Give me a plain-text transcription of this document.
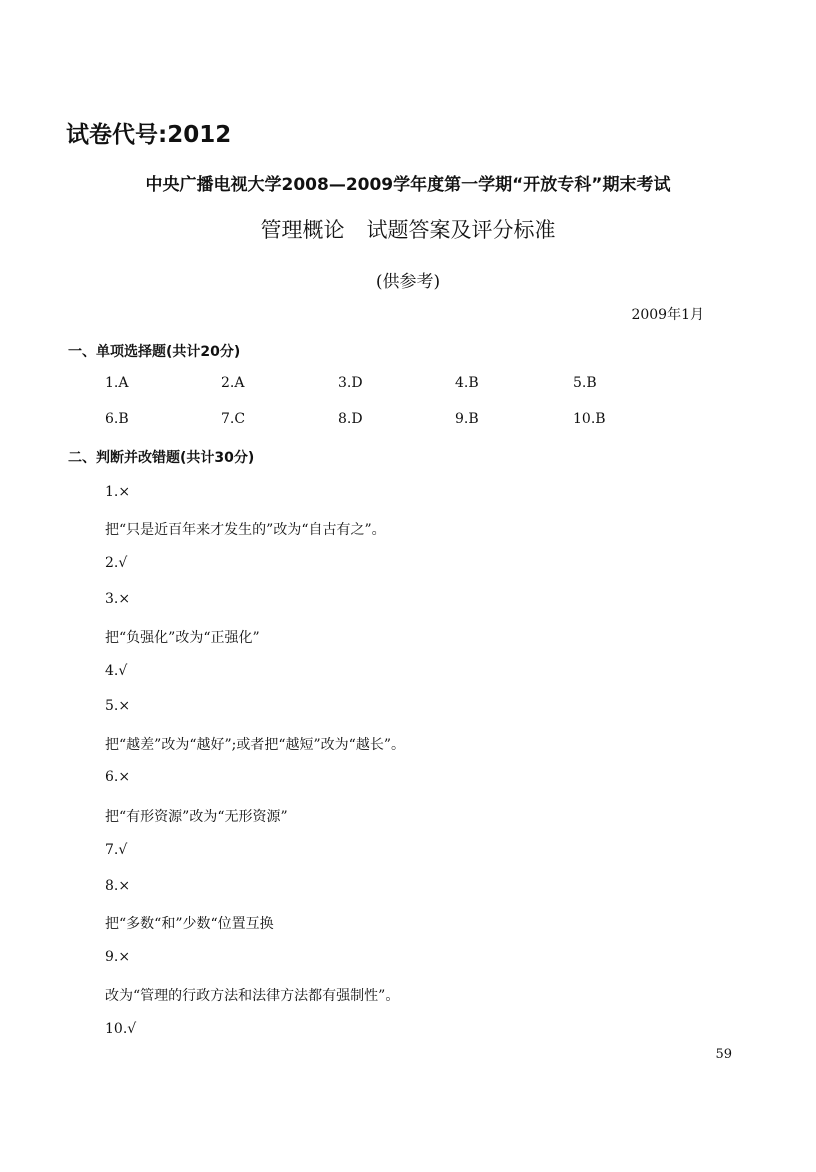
试卷代号:2012
中央广播电视大学2008—2009学年度第一学期“开放专科”期末考试
管理概论 试题答案及评分标准
(供参考)
2009年1月
一、单项选择题(共计20分)
1.A	2.A	3.D	4.B	5.B
6.B	7.C	8.D	9.B	10.B
二、判断并改错题(共计30分)
1.×
把“只是近百年来才发生的”改为“自古有之”。
2.√
3.×
把“负强化”改为“正强化”
4.√
5.×
把“越差”改为“越好”;或者把“越短”改为“越长”。
6.×
把“有形资源”改为“无形资源”
7.√
8.×
把“多数“和”少数“位置互换
9.×
改为“管理的行政方法和法律方法都有强制性”。
10.√
59
